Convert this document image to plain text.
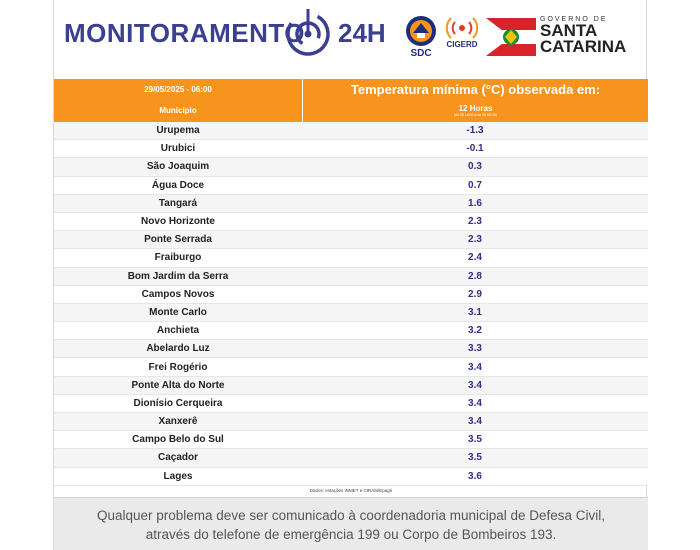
MONITORAMENTO 24H
SDC
CIGERD
GOVERNO DE
SANTA
CATARINA
29/05/2025 - 06:00	Temperatura mínima (°C) observada em:
Município	12 Horas
(de 28 18:00 a de 29 06:00)
Urupema	-1.3
Urubici	-0.1
São Joaquim	0.3
Água Doce	0.7
Tangará	1.6
Novo Horizonte	2.3
Ponte Serrada	2.3
Fraiburgo	2.4
Bom Jardim da Serra	2.8
Campos Novos	2.9
Monte Carlo	3.1
Anchieta	3.2
Abelardo Luz	3.3
Frei Rogério	3.4
Ponte Alta do Norte	3.4
Dionísio Cerqueira	3.4
Xanxerê	3.4
Campo Belo do Sul	3.5
Caçador	3.5
Lages	3.6
Dados: estações INMET e CIRAM/Epagri

Qualquer problema deve ser comunicado à coordenadoria municipal de Defesa Civil,

através do telefone de emergência 199 ou Corpo de Bombeiros 193.
